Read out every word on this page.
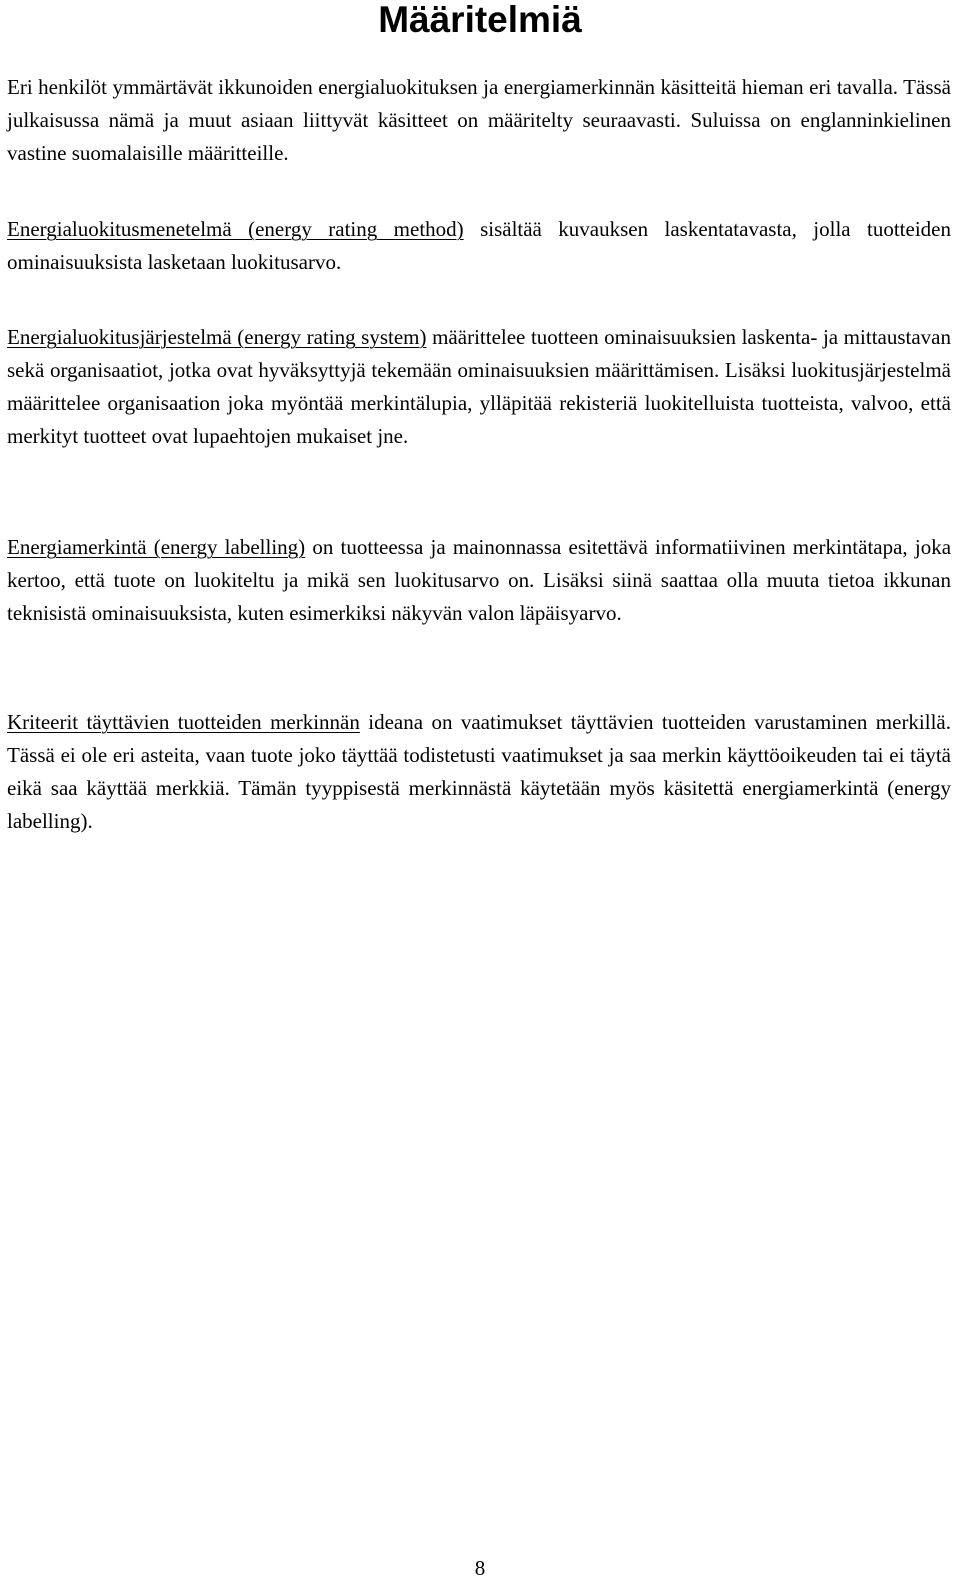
Määritelmiä

Eri henkilöt ymmärtävät ikkunoiden energialuokituksen ja energiamerkinnän käsitteitä hieman eri tavalla. Tässä julkaisussa nämä ja muut asiaan liittyvät käsitteet on määritelty seuraavasti. Suluissa on englanninkielinen vastine suomalaisille määritteille.

Energialuokitusmenetelmä (energy rating method) sisältää kuvauksen laskentatavasta, jolla tuotteiden ominaisuuksista lasketaan luokitusarvo.

Energialuokitusjärjestelmä (energy rating system) määrittelee tuotteen ominaisuuksien laskenta- ja mittaustavan sekä organisaatiot, jotka ovat hyväksyttyjä tekemään ominaisuuksien määrittämisen. Lisäksi luokitusjärjestelmä määrittelee organisaation joka myöntää merkintälupia, ylläpitää rekisteriä luokitelluista tuotteista, valvoo, että merkityt tuotteet ovat lupaehtojen mukaiset jne.

Energiamerkintä (energy labelling) on tuotteessa ja mainonnassa esitettävä informatiivinen merkintätapa, joka kertoo, että tuote on luokiteltu ja mikä sen luokitusarvo on. Lisäksi siinä saattaa olla muuta tietoa ikkunan teknisistä ominaisuuksista, kuten esimerkiksi näkyvän valon läpäisyarvo.

Kriteerit täyttävien tuotteiden merkinnän ideana on vaatimukset täyttävien tuotteiden varustaminen merkillä. Tässä ei ole eri asteita, vaan tuote joko täyttää todistetusti vaatimukset ja saa merkin käyttöoikeuden tai ei täytä eikä saa käyttää merkkiä. Tämän tyyppisestä merkinnästä käytetään myös käsitettä energiamerkintä (energy labelling).

8
